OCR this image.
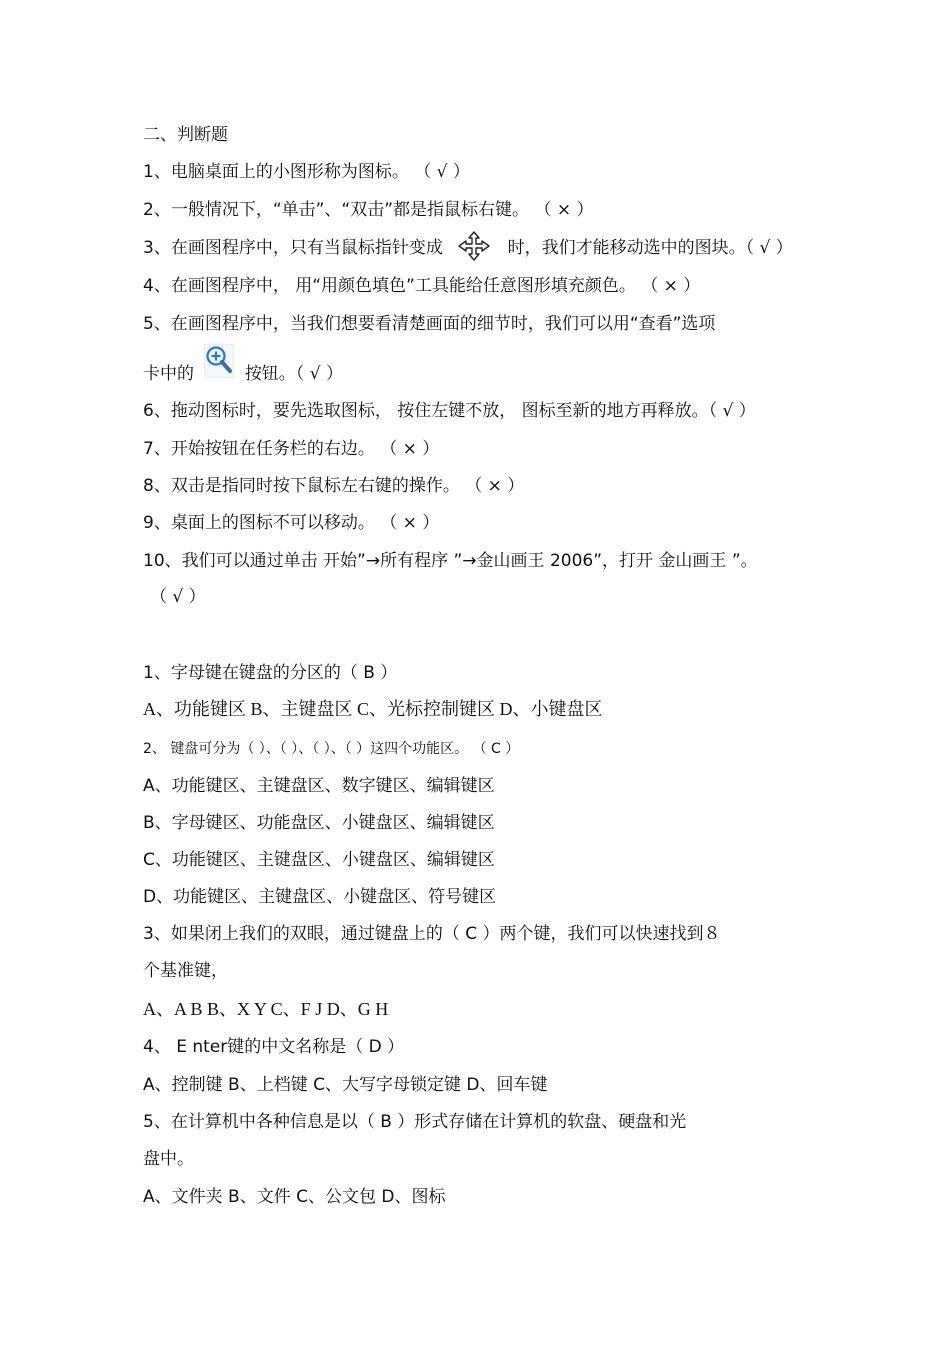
二、判断题
1、电脑桌面上的小图形称为图标。 （ √ ）
2、一般情况下，“单击”、“双击”都是指鼠标右键。 （ × ）
3、在画图程序中，只有当鼠标指针变成	时，我们才能移动选中的图块。（ √ ）
4、在画图程序中， 用“用颜色填色”工具能给任意图形填充颜色。 （ × ）
5、在画图程序中，当我们想要看清楚画面的细节时，我们可以用“查看”选项
卡中的	按钮。（ √ ）
6、拖动图标时，要先选取图标， 按住左键不放， 图标至新的地方再释放。（ √ ）
7、开始按钮在任务栏的右边。 （ × ）
8、双击是指同时按下鼠标左右键的操作。 （ × ）
9、桌面上的图标不可以移动。 （ × ）
10、我们可以通过单击 开始”→所有程序 ”→金山画王 2006”，打开 金山画王 ”。
（ √ ）
1、字母键在键盘的分区的（ B ）
A、功能键区 B、主键盘区 C、光标控制键区 D、小键盘区
2、 键盘可分为（ ）、（ ）、（ ）、（ ）这四个功能区。 （ C ）
A、功能键区、主键盘区、数字键区、编辑键区
B、字母键区、功能盘区、小键盘区、编辑键区
C、功能键区、主键盘区、小键盘区、编辑键区
D、功能键区、主键盘区、小键盘区、符号键区
3、如果闭上我们的双眼，通过键盘上的（ C ）两个键，我们可以快速找到８
个基准键，
A、A B B、X Y C、F J D、G H
4、 E nter键的中文名称是（ D ）
A、控制键 B、上档键 C、大写字母锁定键 D、回车键
5、在计算机中各种信息是以（ B ）形式存储在计算机的软盘、硬盘和光
盘中。
A、文件夹 B、文件 C、公文包 D、图标
